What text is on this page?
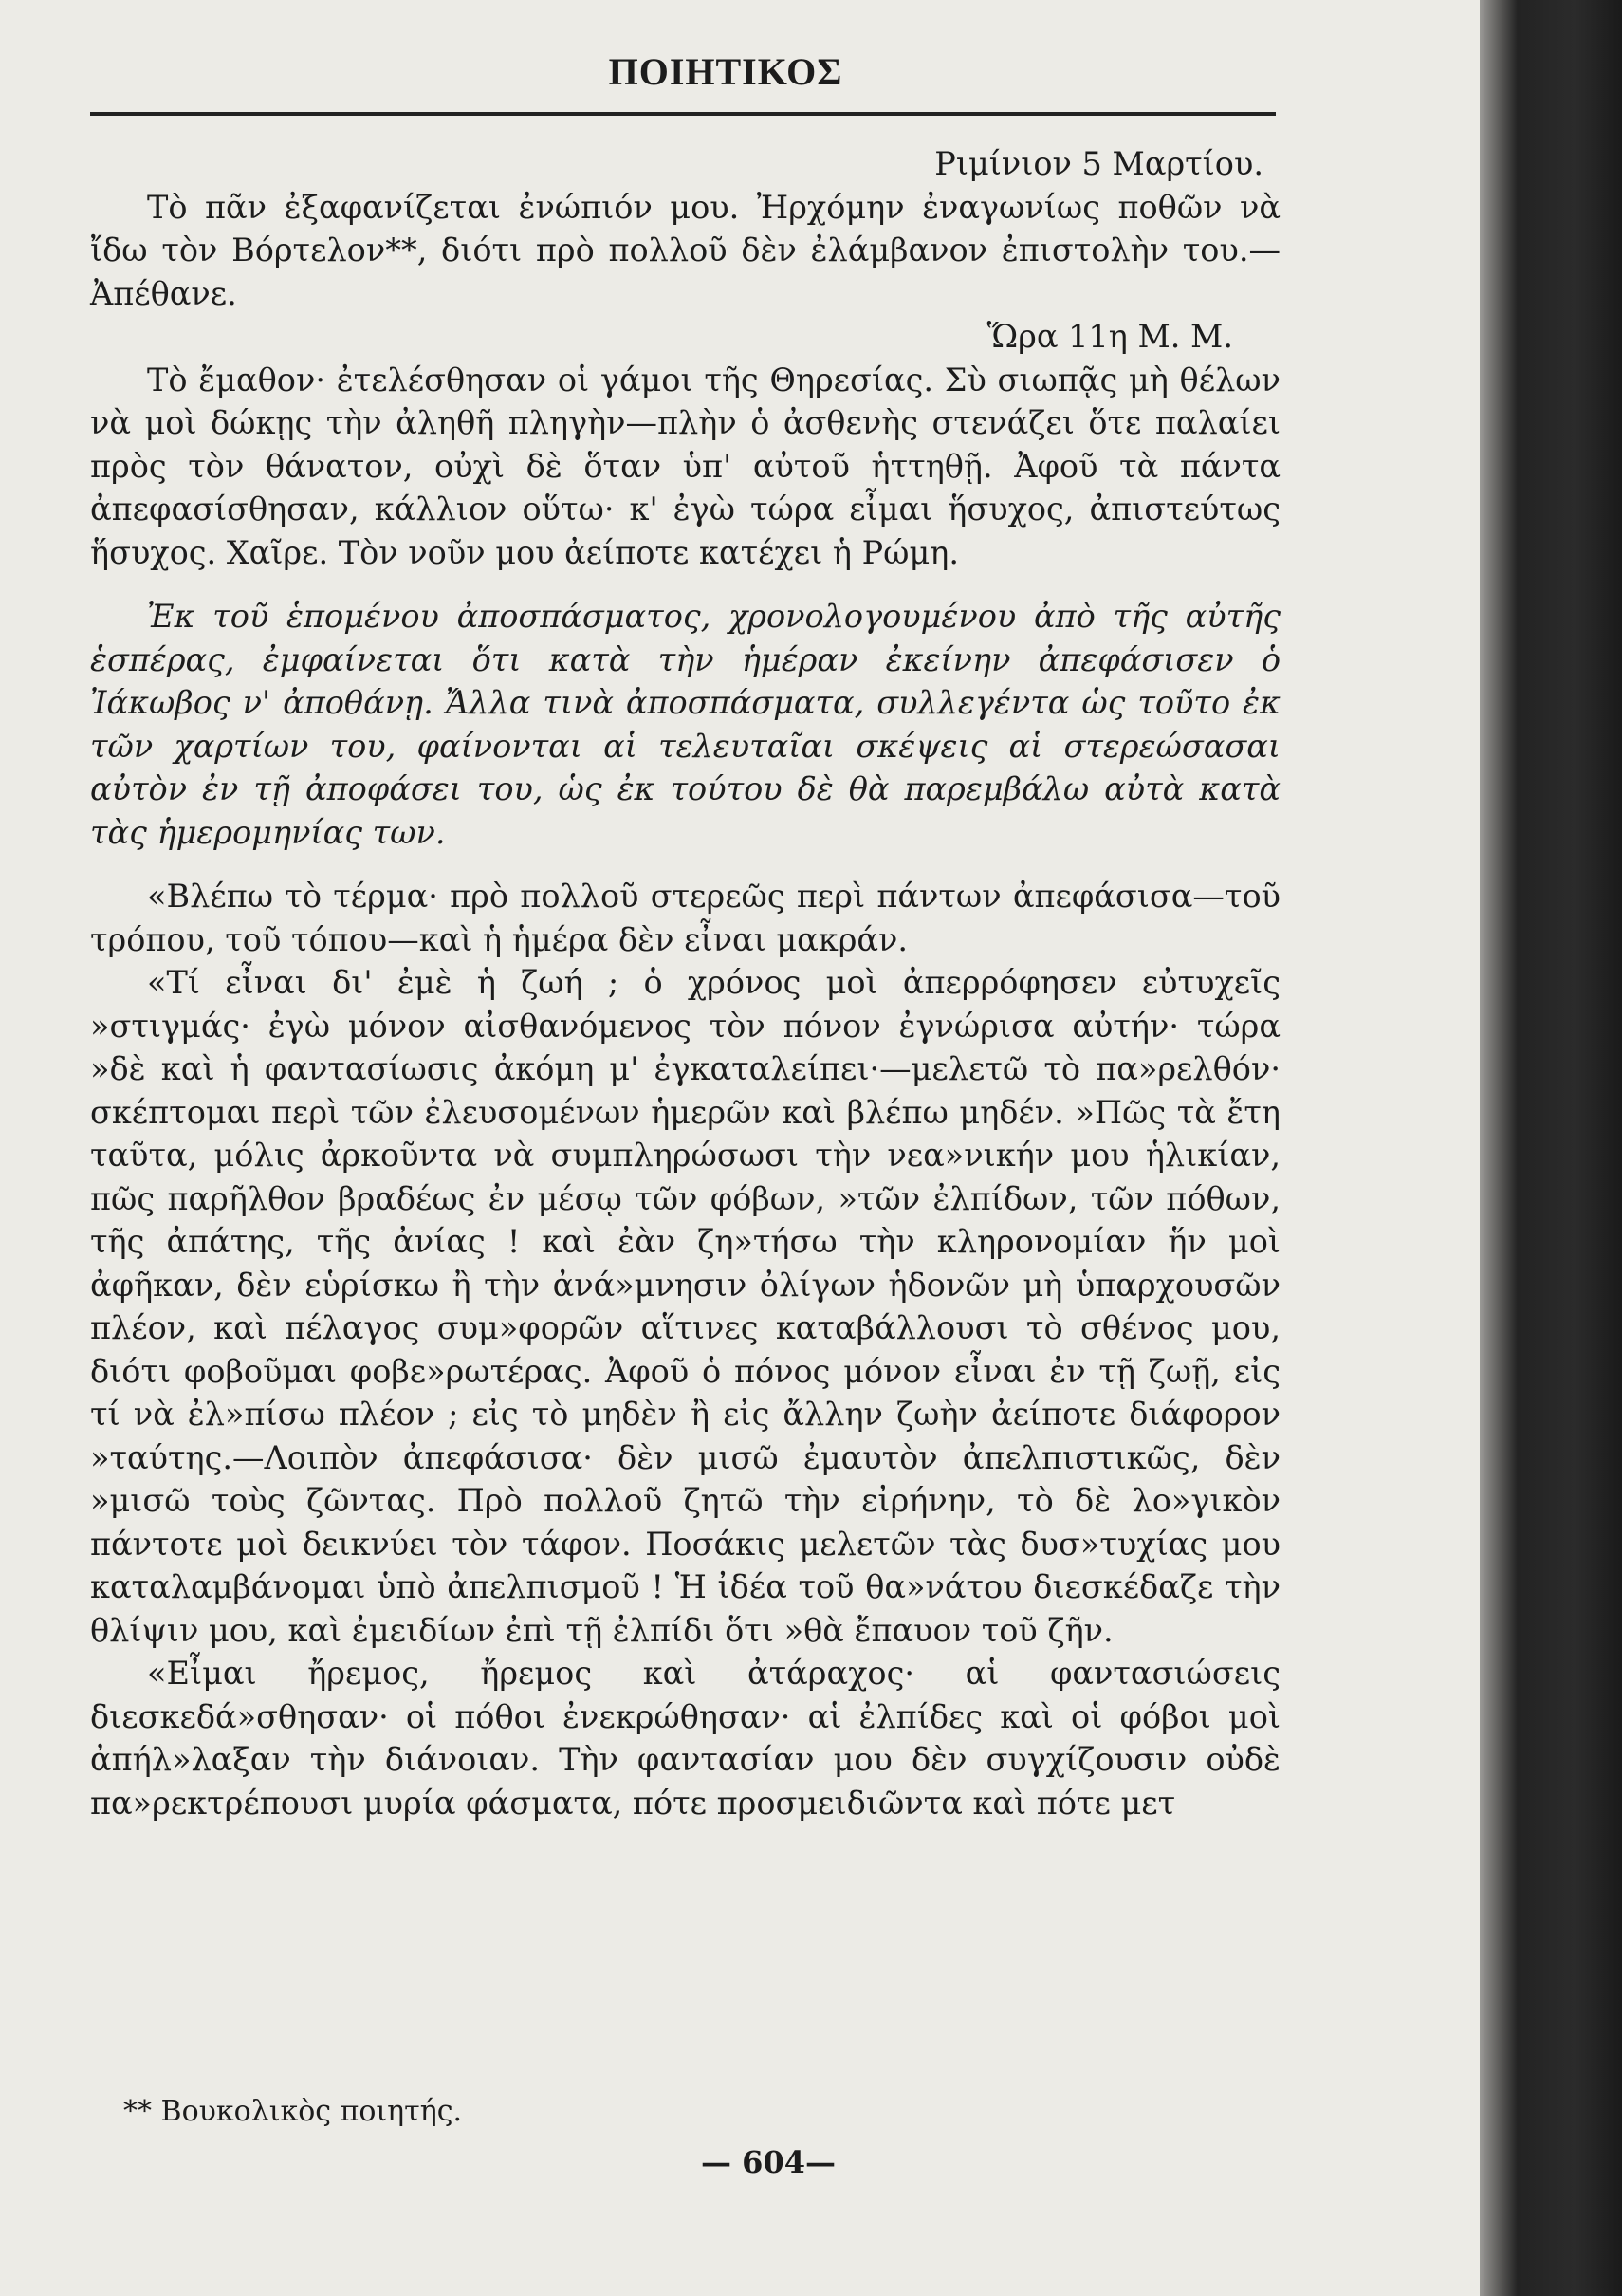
ΠΟΙΗΤΙΚΟΣ

Ριμίνιον 5 Μαρτίου.

Τὸ πᾶν ἐξαφανίζεται ἐνώπιόν μου. Ἠρχόμην ἐναγωνίως ποθῶν νὰ ἴδω τὸν Βόρτελον**, διότι πρὸ πολλοῦ δὲν ἐλάμβανον ἐπιστολὴν του.—Ἀπέθανε.

Ὥρα 11η Μ. Μ.

Τὸ ἔμαθον· ἐτελέσθησαν οἱ γάμοι τῆς Θηρεσίας. Σὺ σιωπᾷς μὴ θέλων νὰ μοὶ δώκῃς τὴν ἀληθῆ πληγὴν—πλὴν ὁ ἀσθενὴς στενάζει ὅτε παλαίει πρὸς τὸν θάνατον, οὐχὶ δὲ ὅταν ὑπ' αὐτοῦ ἡττηθῇ. Ἀφοῦ τὰ πάντα ἀπεφασίσθησαν, κάλλιον οὕτω· κ' ἐγὼ τώρα εἶμαι ἥσυχος, ἀπιστεύτως ἥσυχος. Χαῖρε. Τὸν νοῦν μου ἀείποτε κατέχει ἡ Ρώμη.

Ἐκ τοῦ ἑπομένου ἀποσπάσματος, χρονολογουμένου ἀπὸ τῆς αὐτῆς ἑσπέρας, ἐμφαίνεται ὅτι κατὰ τὴν ἡμέραν ἐκείνην ἀπεφάσισεν ὁ Ἰάκωβος ν' ἀποθάνῃ. Ἄλλα τινὰ ἀποσπάσματα, συλλεγέντα ὡς τοῦτο ἐκ τῶν χαρτίων του, φαίνονται αἱ τελευταῖαι σκέψεις αἱ στερεώσασαι αὐτὸν ἐν τῇ ἀποφάσει του, ὡς ἐκ τούτου δὲ θὰ παρεμβάλω αὐτὰ κατὰ τὰς ἡμερομηνίας των.

«Βλέπω τὸ τέρμα· πρὸ πολλοῦ στερεῶς περὶ πάντων ἀπεφάσισα—τοῦ τρόπου, τοῦ τόπου—καὶ ἡ ἡμέρα δὲν εἶναι μακράν.

«Τί εἶναι δι' ἐμὲ ἡ ζωή ; ὁ χρόνος μοὶ ἀπερρόφησεν εὐτυχεῖς »στιγμάς· ἐγὼ μόνον αἰσθανόμενος τὸν πόνον ἐγνώρισα αὐτήν· τώρα »δὲ καὶ ἡ φαντασίωσις ἀκόμη μ' ἐγκαταλείπει·—μελετῶ τὸ πα»ρελθόν· σκέπτομαι περὶ τῶν ἐλευσομένων ἡμερῶν καὶ βλέπω μηδέν. »Πῶς τὰ ἔτη ταῦτα, μόλις ἀρκοῦντα νὰ συμπληρώσωσι τὴν νεα»νικήν μου ἡλικίαν, πῶς παρῆλθον βραδέως ἐν μέσῳ τῶν φόβων, »τῶν ἐλπίδων, τῶν πόθων, τῆς ἀπάτης, τῆς ἀνίας ! καὶ ἐὰν ζη»τήσω τὴν κληρονομίαν ἥν μοὶ ἀφῆκαν, δὲν εὑρίσκω ἢ τὴν ἀνά»μνησιν ὀλίγων ἡδονῶν μὴ ὑπαρχουσῶν πλέον, καὶ πέλαγος συμ»φορῶν αἵτινες καταβάλλουσι τὸ σθένος μου, διότι φοβοῦμαι φοβε»ρωτέρας. Ἀφοῦ ὁ πόνος μόνον εἶναι ἐν τῇ ζωῇ, εἰς τί νὰ ἐλ»πίσω πλέον ; εἰς τὸ μηδὲν ἢ εἰς ἄλλην ζωὴν ἀείποτε διάφορον »ταύτης.—Λοιπὸν ἀπεφάσισα· δὲν μισῶ ἐμαυτὸν ἀπελπιστικῶς, δὲν »μισῶ τοὺς ζῶντας. Πρὸ πολλοῦ ζητῶ τὴν εἰρήνην, τὸ δὲ λο»γικὸν πάντοτε μοὶ δεικνύει τὸν τάφον. Ποσάκις μελετῶν τὰς δυσ»τυχίας μου καταλαμβάνομαι ὑπὸ ἀπελπισμοῦ ! Ἡ ἰδέα τοῦ θα»νάτου διεσκέδαζε τὴν θλίψιν μου, καὶ ἐμειδίων ἐπὶ τῇ ἐλπίδι ὅτι »θὰ ἔπαυον τοῦ ζῆν.

«Εἶμαι ἤρεμος, ἤρεμος καὶ ἀτάραχος· αἱ φαντασιώσεις διεσκεδά»σθησαν· οἱ πόθοι ἐνεκρώθησαν· αἱ ἐλπίδες καὶ οἱ φόβοι μοὶ ἀπήλ»λαξαν τὴν διάνοιαν. Τὴν φαντασίαν μου δὲν συγχίζουσιν οὐδὲ πα»ρεκτρέπουσι μυρία φάσματα, πότε προσμειδιῶντα καὶ πότε μετ

** Βουκολικὸς ποιητής.
— 604—
